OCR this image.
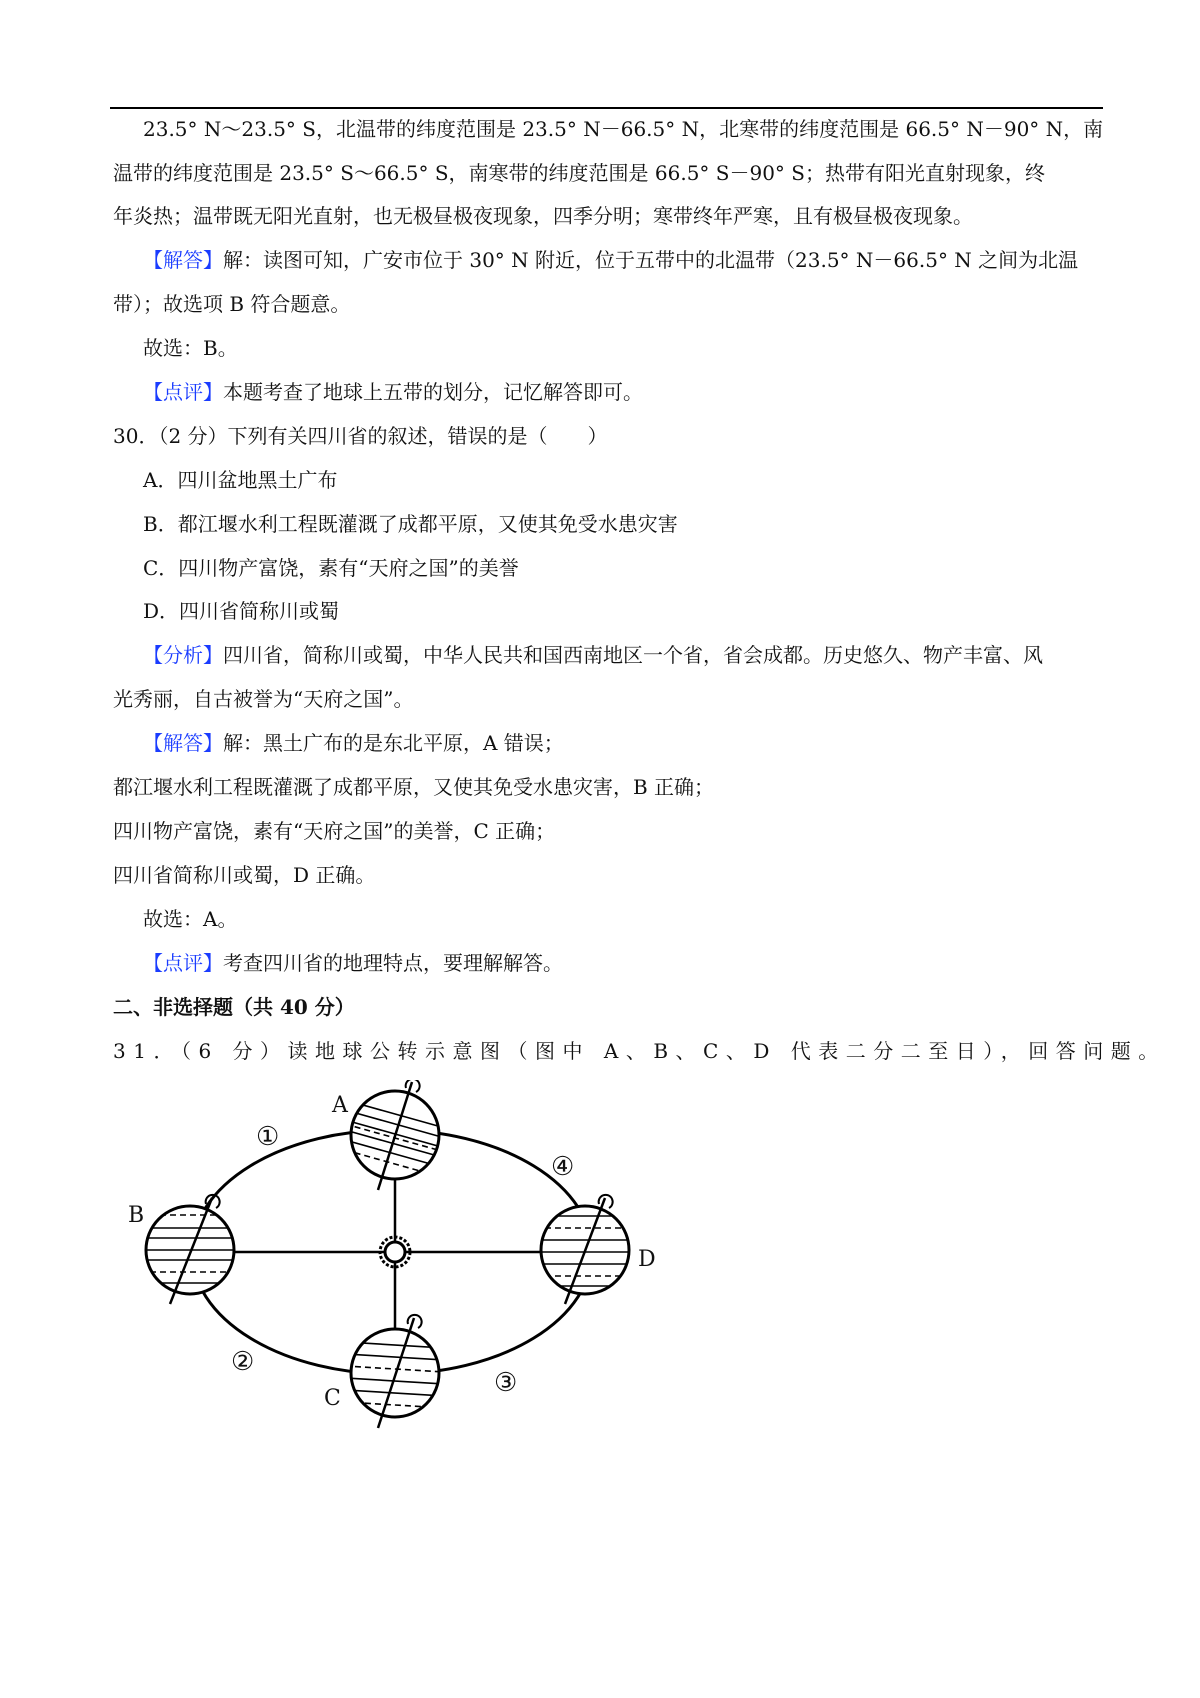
23.5° N～23.5° S，北温带的纬度范围是 23.5° N－66.5° N，北寒带的纬度范围是 66.5° N－90° N，南
温带的纬度范围是 23.5° S～66.5° S，南寒带的纬度范围是 66.5° S－90° S；热带有阳光直射现象，终
年炎热；温带既无阳光直射，也无极昼极夜现象，四季分明；寒带终年严寒，且有极昼极夜现象。
【解答】解：读图可知，广安市位于 30° N 附近，位于五带中的北温带（23.5° N－66.5° N 之间为北温
带）；故选项 B 符合题意。
故选：B。
【点评】本题考查了地球上五带的划分，记忆解答即可。
30．（2 分）下列有关四川省的叙述，错误的是（　　）
A．四川盆地黑土广布
B．都江堰水利工程既灌溉了成都平原，又使其免受水患灾害
C．四川物产富饶，素有“天府之国”的美誉
D．四川省简称川或蜀
【分析】四川省，简称川或蜀，中华人民共和国西南地区一个省，省会成都。历史悠久、物产丰富、风
光秀丽，自古被誉为“天府之国”。
【解答】解：黑土广布的是东北平原，A 错误；
都江堰水利工程既灌溉了成都平原，又使其免受水患灾害，B 正确；
四川物产富饶，素有“天府之国”的美誉，C 正确；
四川省简称川或蜀，D 正确。
故选：A。
【点评】考查四川省的地理特点，要理解解答。
二、非选择题（共 40 分）
31．（6 分）读地球公转示意图（图中 A、B、C、D 代表二分二至日），回答问题。
A
B
C
D
①
④
②
③
